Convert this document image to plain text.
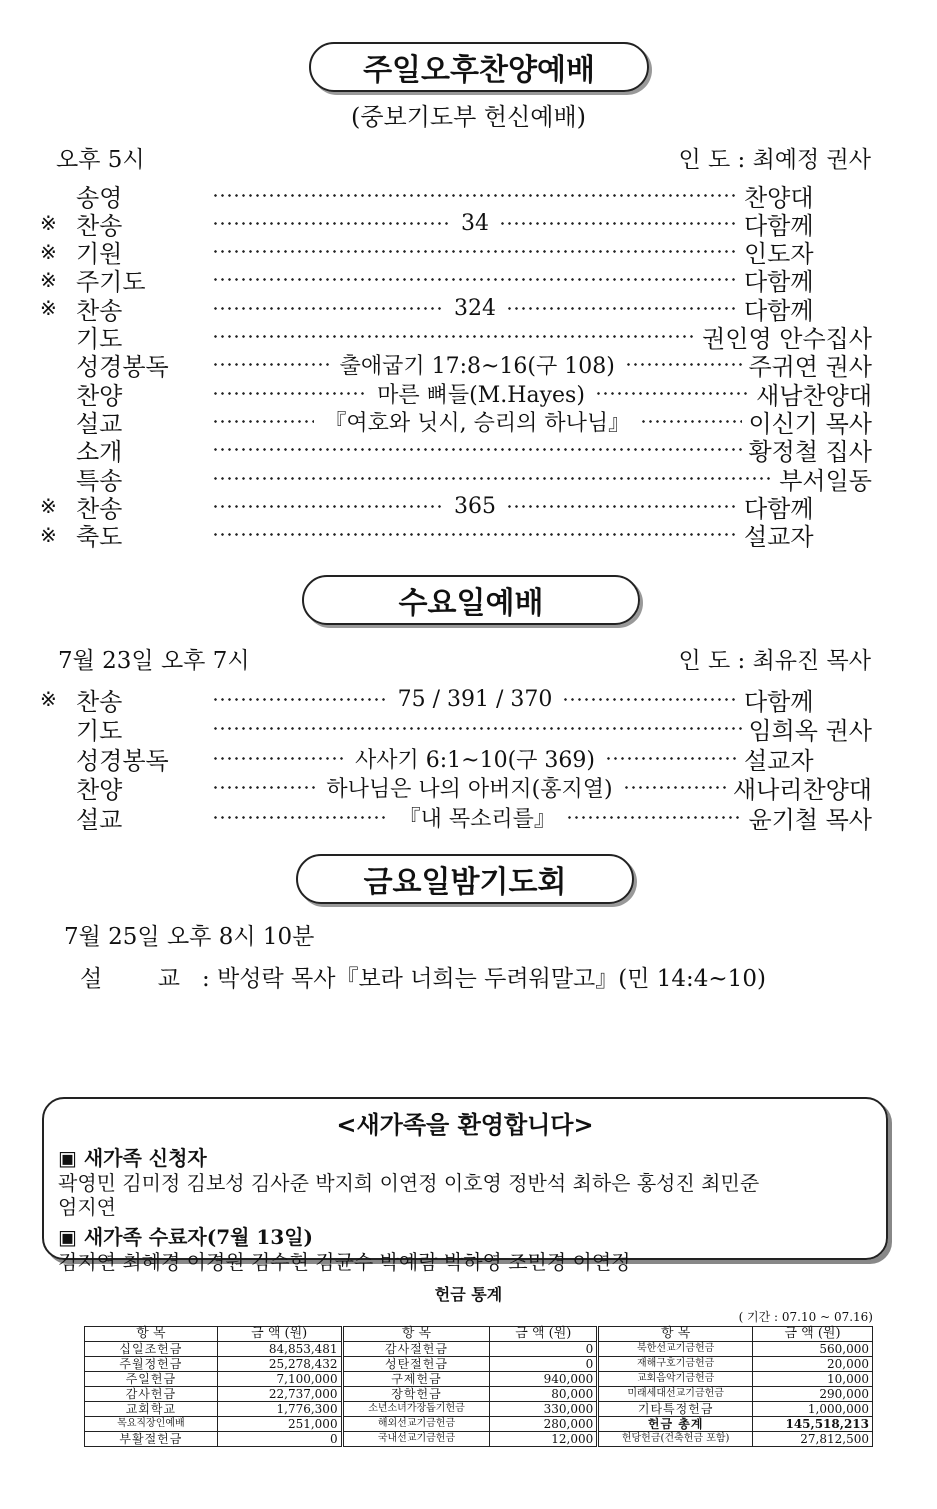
주일오후찬양예배
(중보기도부 헌신예배)
오후 5시	인 도 : 최예정 권사
송영	찬양대
※ 찬송	34	다함께
※ 기원	인도자
※ 주기도	다함께
※ 찬송	324	다함께
기도	권인영 안수집사
성경봉독	출애굽기 17:8~16(구 108)	주귀연 권사
찬양	마른 뼈들(M.Hayes)	새남찬양대
설교	『여호와 닛시, 승리의 하나님』	이신기 목사
소개	황정철 집사
특송	부서일동
※ 찬송	365	다함께
※ 축도	설교자
수요일예배
7월 23일 오후 7시	인 도 : 최유진 목사
※ 찬송	75 / 391 / 370	다함께
기도	임희옥 권사
성경봉독	사사기 6:1~10(구 369)	설교자
찬양	하나님은 나의 아버지(홍지열)	새나리찬양대
설교	『내 목소리를』	윤기철 목사
금요일밤기도회
7월 25일 오후 8시 10분
설 교 : 박성락 목사『보라 너희는 두려워말고』(민 14:4~10)
<새가족을 환영합니다>
▣ 새가족 신청자
곽영민 김미정 김보성 김사준 박지희 이연정 이호영 정반석 최하은 홍성진 최민준
엄지연
▣ 새가족 수료자(7월 13일)
김지연 최혜경 이경원 김수현 김균수 박예람 박하영 조민경 이연정
헌금 통계
( 기간 : 07.10 ~ 07.16)
항 목	금 액 (원)	항 목	금 액 (원)	항 목	금 액 (원)
십일조헌금	84,853,481	감사절헌금	0	북한선교기금헌금	560,000
주월정헌금	25,278,432	성탄절헌금	0	재해구호기금헌금	20,000
주일헌금	7,100,000	구제헌금	940,000	교회음악기금헌금	10,000
감사헌금	22,737,000	장학헌금	80,000	미래세대선교기금헌금	290,000
교회학교	1,776,300	소년소녀가장돕기헌금	330,000	기타특정헌금	1,000,000
목요직장인예배	251,000	해외선교기금헌금	280,000	헌금 총계	145,518,213
부활절헌금	0	국내선교기금헌금	12,000	헌당헌금(건축헌금 포함)	27,812,500
